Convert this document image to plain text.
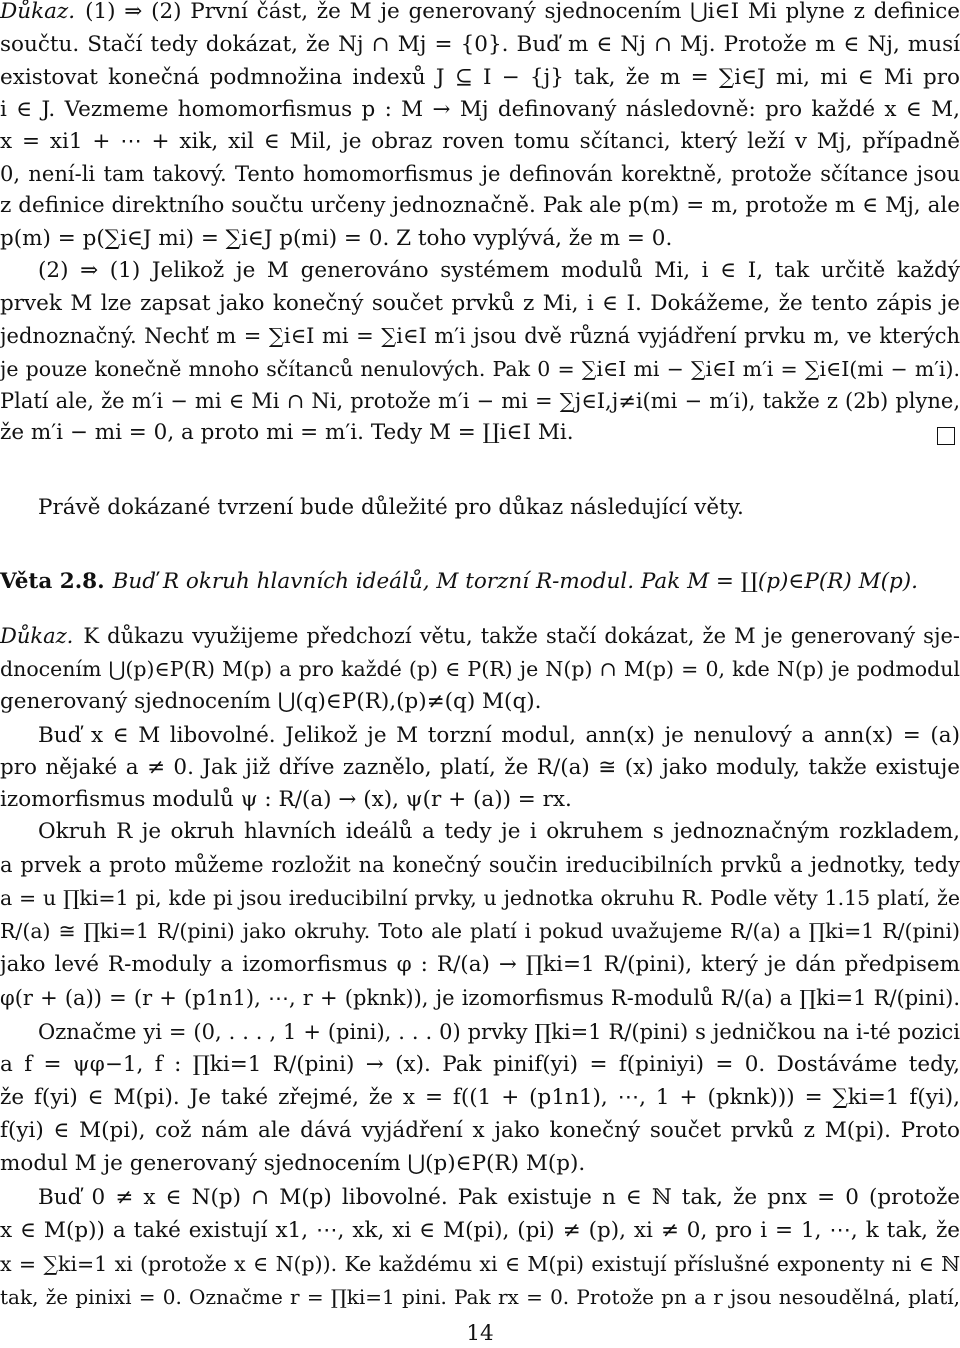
Důkaz. (1) ⇒ (2) První část, že M je generovaný sjednocením ⋃i∈I Mi plyne z definice
součtu. Stačí tedy dokázat, že Nj ∩ Mj = {0}. Buď m ∈ Nj ∩ Mj. Protože m ∈ Nj, musí
existovat konečná podmnožina indexů J ⊆ I − {j} tak, že m = ∑i∈J mi, mi ∈ Mi pro
i ∈ J. Vezmeme homomorfismus p : M → Mj definovaný následovně: pro každé x ∈ M,
x = xi1 + ⋯ + xik, xil ∈ Mil, je obraz roven tomu sčítanci, který leží v Mj, případně
0, není-li tam takový. Tento homomorfismus je definován korektně, protože sčítance jsou
z definice direktního součtu určeny jednoznačně. Pak ale p(m) = m, protože m ∈ Mj, ale
p(m) = p(∑i∈J mi) = ∑i∈J p(mi) = 0. Z toho vyplývá, že m = 0.
(2) ⇒ (1) Jelikož je M generováno systémem modulů Mi, i ∈ I, tak určitě každý
prvek M lze zapsat jako konečný součet prvků z Mi, i ∈ I. Dokážeme, že tento zápis je
jednoznačný. Nechť m = ∑i∈I mi = ∑i∈I m′i jsou dvě různá vyjádření prvku m, ve kterých
je pouze konečně mnoho sčítanců nenulových. Pak 0 = ∑i∈I mi − ∑i∈I m′i = ∑i∈I(mi − m′i).
Platí ale, že m′i − mi ∈ Mi ∩ Ni, protože m′i − mi = ∑j∈I,j≠i(mi − m′i), takže z (2b) plyne,
že m′i − mi = 0, a proto mi = m′i. Tedy M = ∐i∈I Mi.
Právě dokázané tvrzení bude důležité pro důkaz následující věty.
Věta 2.8. Buď R okruh hlavních ideálů, M torzní R-modul. Pak M = ∐(p)∈P(R) M(p).
Důkaz. K důkazu využijeme předchozí větu, takže stačí dokázat, že M je generovaný sje-
dnocením ⋃(p)∈P(R) M(p) a pro každé (p) ∈ P(R) je N(p) ∩ M(p) = 0, kde N(p) je podmodul
generovaný sjednocením ⋃(q)∈P(R),(p)≠(q) M(q).
Buď x ∈ M libovolné. Jelikož je M torzní modul, ann(x) je nenulový a ann(x) = (a)
pro nějaké a ≠ 0. Jak již dříve zaznělo, platí, že R/(a) ≅ (x) jako moduly, takže existuje
izomorfismus modulů ψ : R/(a) → (x), ψ(r + (a)) = rx.
Okruh R je okruh hlavních ideálů a tedy je i okruhem s jednoznačným rozkladem,
a prvek a proto můžeme rozložit na konečný součin ireducibilních prvků a jednotky, tedy
a = u ∏ki=1 pi, kde pi jsou ireducibilní prvky, u jednotka okruhu R. Podle věty 1.15 platí, že
R/(a) ≅ ∏ki=1 R/(pini) jako okruhy. Toto ale platí i pokud uvažujeme R/(a) a ∏ki=1 R/(pini)
jako levé R-moduly a izomorfismus φ : R/(a) → ∏ki=1 R/(pini), který je dán předpisem
φ(r + (a)) = (r + (p1n1), ⋯, r + (pknk)), je izomorfismus R-modulů R/(a) a ∏ki=1 R/(pini).
Označme yi = (0, . . . , 1 + (pini), . . . 0) prvky ∏ki=1 R/(pini) s jedničkou na i-té pozici
a f = ψφ−1, f : ∏ki=1 R/(pini) → (x). Pak pinif(yi) = f(piniyi) = 0. Dostáváme tedy,
že f(yi) ∈ M(pi). Je také zřejmé, že x = f((1 + (p1n1), ⋯, 1 + (pknk))) = ∑ki=1 f(yi),
f(yi) ∈ M(pi), což nám ale dává vyjádření x jako konečný součet prvků z M(pi). Proto
modul M je generovaný sjednocením ⋃(p)∈P(R) M(p).
Buď 0 ≠ x ∈ N(p) ∩ M(p) libovolné. Pak existuje n ∈ ℕ tak, že pnx = 0 (protože
x ∈ M(p)) a také existují x1, ⋯, xk, xi ∈ M(pi), (pi) ≠ (p), xi ≠ 0, pro i = 1, ⋯, k tak, že
x = ∑ki=1 xi (protože x ∈ N(p)). Ke každému xi ∈ M(pi) existují příslušné exponenty ni ∈ ℕ
tak, že pinixi = 0. Označme r = ∏ki=1 pini. Pak rx = 0. Protože pn a r jsou nesoudělná, platí,
14
